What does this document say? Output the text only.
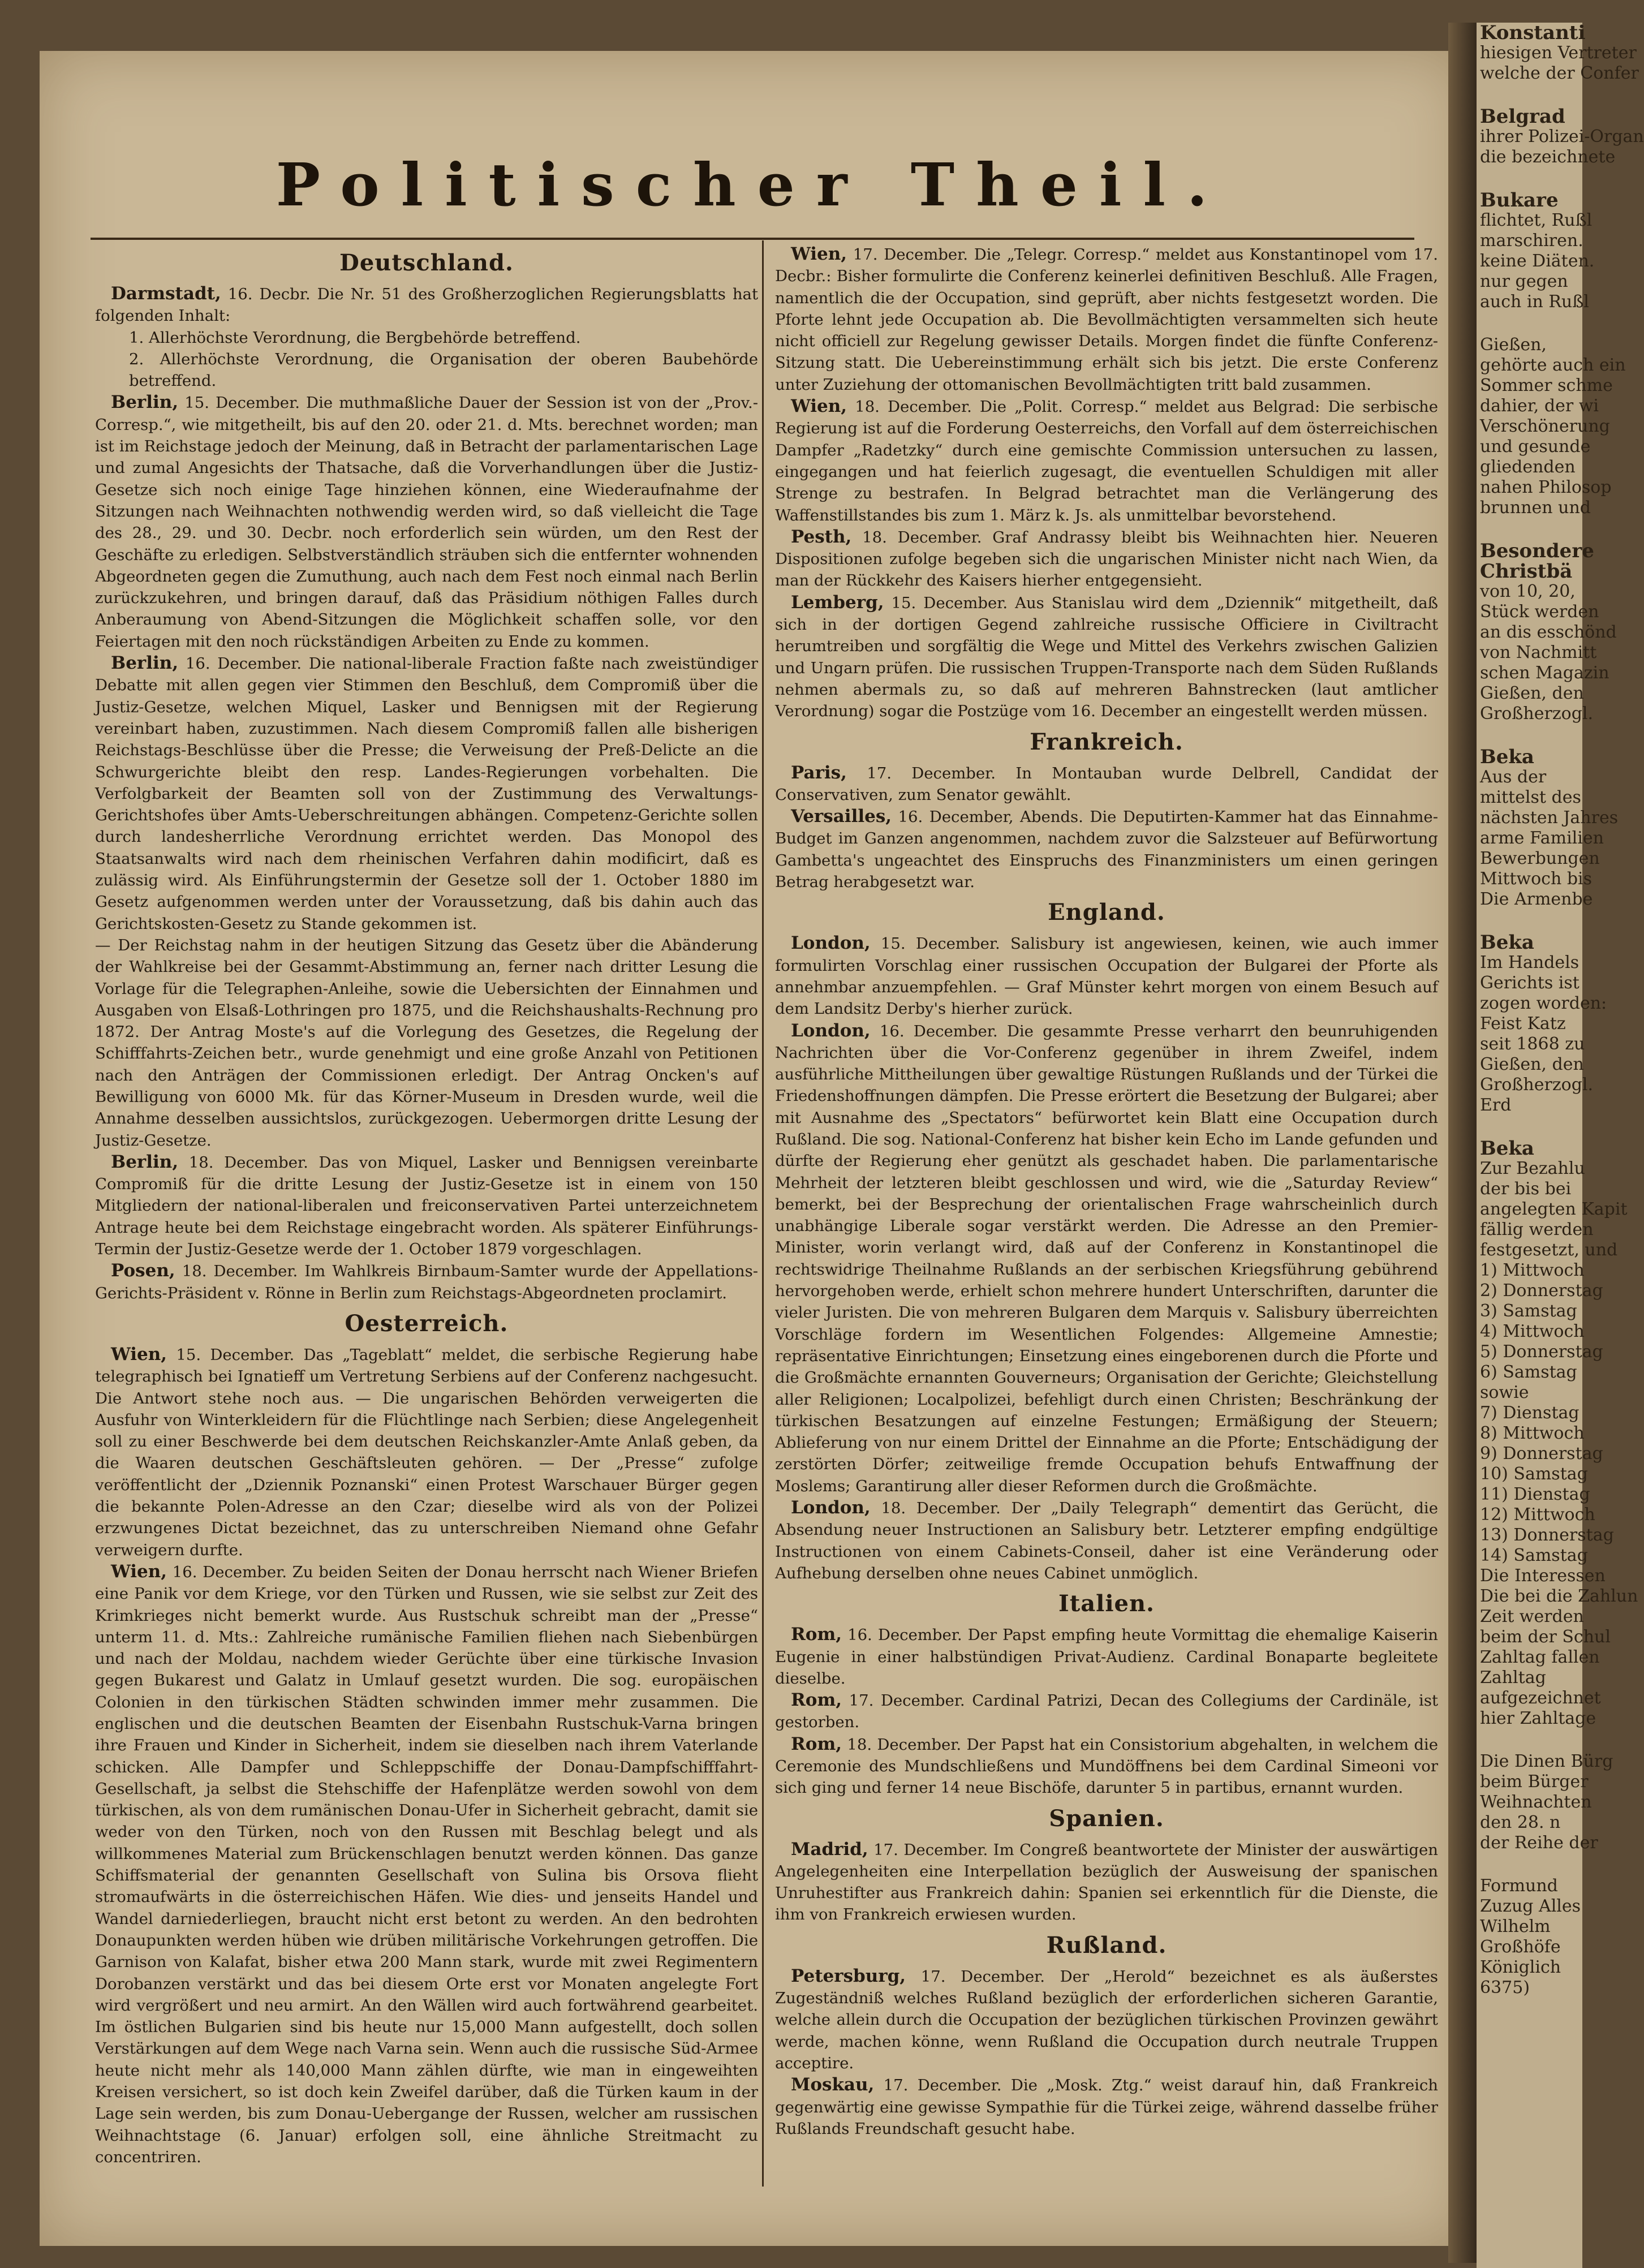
Politischer Theil.
Deutschland.

Darmstadt, 16. Decbr. Die Nr. 51 des Großherzoglichen Regierungsblatts hat folgenden Inhalt:

1. Allerhöchste Verordnung, die Bergbehörde betreffend.

2. Allerhöchste Verordnung, die Organisation der oberen Baubehörde betreffend.

Berlin, 15. December. Die muthmaßliche Dauer der Session ist von der „Prov.-Corresp.“, wie mitgetheilt, bis auf den 20. oder 21. d. Mts. berechnet worden; man ist im Reichstage jedoch der Meinung, daß in Betracht der parlamentarischen Lage und zumal Angesichts der Thatsache, daß die Vorverhandlungen über die Justiz-Gesetze sich noch einige Tage hinziehen können, eine Wiederaufnahme der Sitzungen nach Weihnachten nothwendig werden wird, so daß vielleicht die Tage des 28., 29. und 30. Decbr. noch erforderlich sein würden, um den Rest der Geschäfte zu erledigen. Selbstverständlich sträuben sich die entfernter wohnenden Abgeordneten gegen die Zumuthung, auch nach dem Fest noch einmal nach Berlin zurückzukehren, und bringen darauf, daß das Präsidium nöthigen Falles durch Anberaumung von Abend-Sitzungen die Möglichkeit schaffen solle, vor den Feiertagen mit den noch rückständigen Arbeiten zu Ende zu kommen.

Berlin, 16. December. Die national-liberale Fraction faßte nach zweistündiger Debatte mit allen gegen vier Stimmen den Beschluß, dem Compromiß über die Justiz-Gesetze, welchen Miquel, Lasker und Bennigsen mit der Regierung vereinbart haben, zuzustimmen. Nach diesem Compromiß fallen alle bisherigen Reichstags-Beschlüsse über die Presse; die Verweisung der Preß-Delicte an die Schwurgerichte bleibt den resp. Landes-Regierungen vorbehalten. Die Verfolgbarkeit der Beamten soll von der Zustimmung des Verwaltungs-Gerichtshofes über Amts-Ueberschreitungen abhängen. Competenz-Gerichte sollen durch landesherrliche Verordnung errichtet werden. Das Monopol des Staatsanwalts wird nach dem rheinischen Verfahren dahin modificirt, daß es zulässig wird. Als Einführungstermin der Gesetze soll der 1. October 1880 im Gesetz aufgenommen werden unter der Voraussetzung, daß bis dahin auch das Gerichtskosten-Gesetz zu Stande gekommen ist.

— Der Reichstag nahm in der heutigen Sitzung das Gesetz über die Abänderung der Wahlkreise bei der Gesammt-Abstimmung an, ferner nach dritter Lesung die Vorlage für die Telegraphen-Anleihe, sowie die Uebersichten der Einnahmen und Ausgaben von Elsaß-Lothringen pro 1875, und die Reichshaushalts-Rechnung pro 1872. Der Antrag Moste's auf die Vorlegung des Gesetzes, die Regelung der Schifffahrts-Zeichen betr., wurde genehmigt und eine große Anzahl von Petitionen nach den Anträgen der Commissionen erledigt. Der Antrag Oncken's auf Bewilligung von 6000 Mk. für das Körner-Museum in Dresden wurde, weil die Annahme desselben aussichtslos, zurückgezogen. Uebermorgen dritte Lesung der Justiz-Gesetze.

Berlin, 18. December. Das von Miquel, Lasker und Bennigsen vereinbarte Compromiß für die dritte Lesung der Justiz-Gesetze ist in einem von 150 Mitgliedern der national-liberalen und freiconservativen Partei unterzeichnetem Antrage heute bei dem Reichstage eingebracht worden. Als späterer Einführungs-Termin der Justiz-Gesetze werde der 1. October 1879 vorgeschlagen.

Posen, 18. December. Im Wahlkreis Birnbaum-Samter wurde der Appellations-Gerichts-Präsident v. Rönne in Berlin zum Reichstags-Abgeordneten proclamirt.

Oesterreich.

Wien, 15. December. Das „Tageblatt“ meldet, die serbische Regierung habe telegraphisch bei Ignatieff um Vertretung Serbiens auf der Conferenz nachgesucht. Die Antwort stehe noch aus. — Die ungarischen Behörden verweigerten die Ausfuhr von Winterkleidern für die Flüchtlinge nach Serbien; diese Angelegenheit soll zu einer Beschwerde bei dem deutschen Reichskanzler-Amte Anlaß geben, da die Waaren deutschen Geschäftsleuten gehören. — Der „Presse“ zufolge veröffentlicht der „Dziennik Poznanski“ einen Protest Warschauer Bürger gegen die bekannte Polen-Adresse an den Czar; dieselbe wird als von der Polizei erzwungenes Dictat bezeichnet, das zu unterschreiben Niemand ohne Gefahr verweigern durfte.

Wien, 16. December. Zu beiden Seiten der Donau herrscht nach Wiener Briefen eine Panik vor dem Kriege, vor den Türken und Russen, wie sie selbst zur Zeit des Krimkrieges nicht bemerkt wurde. Aus Rustschuk schreibt man der „Presse“ unterm 11. d. Mts.: Zahlreiche rumänische Familien fliehen nach Siebenbürgen und nach der Moldau, nachdem wieder Gerüchte über eine türkische Invasion gegen Bukarest und Galatz in Umlauf gesetzt wurden. Die sog. europäischen Colonien in den türkischen Städten schwinden immer mehr zusammen. Die englischen und die deutschen Beamten der Eisenbahn Rustschuk-Varna bringen ihre Frauen und Kinder in Sicherheit, indem sie dieselben nach ihrem Vaterlande schicken. Alle Dampfer und Schleppschiffe der Donau-Dampfschifffahrt-Gesellschaft, ja selbst die Stehschiffe der Hafenplätze werden sowohl von dem türkischen, als von dem rumänischen Donau-Ufer in Sicherheit gebracht, damit sie weder von den Türken, noch von den Russen mit Beschlag belegt und als willkommenes Material zum Brückenschlagen benutzt werden können. Das ganze Schiffsmaterial der genannten Gesellschaft von Sulina bis Orsova flieht stromaufwärts in die österreichischen Häfen. Wie dies- und jenseits Handel und Wandel darniederliegen, braucht nicht erst betont zu werden. An den bedrohten Donaupunkten werden hüben wie drüben militärische Vorkehrungen getroffen. Die Garnison von Kalafat, bisher etwa 200 Mann stark, wurde mit zwei Regimentern Dorobanzen verstärkt und das bei diesem Orte erst vor Monaten angelegte Fort wird vergrößert und neu armirt. An den Wällen wird auch fortwährend gearbeitet. Im östlichen Bulgarien sind bis heute nur 15,000 Mann aufgestellt, doch sollen Verstärkungen auf dem Wege nach Varna sein. Wenn auch die russische Süd-Armee heute nicht mehr als 140,000 Mann zählen dürfte, wie man in eingeweihten Kreisen versichert, so ist doch kein Zweifel darüber, daß die Türken kaum in der Lage sein werden, bis zum Donau-Uebergange der Russen, welcher am russischen Weihnachtstage (6. Januar) erfolgen soll, eine ähnliche Streitmacht zu concentriren.

Wien, 17. December. Die „Telegr. Corresp.“ meldet aus Konstantinopel vom 17. Decbr.: Bisher formulirte die Conferenz keinerlei definitiven Beschluß. Alle Fragen, namentlich die der Occupation, sind geprüft, aber nichts festgesetzt worden. Die Pforte lehnt jede Occupation ab. Die Bevollmächtigten versammelten sich heute nicht officiell zur Regelung gewisser Details. Morgen findet die fünfte Conferenz-Sitzung statt. Die Uebereinstimmung erhält sich bis jetzt. Die erste Conferenz unter Zuziehung der ottomanischen Bevollmächtigten tritt bald zusammen.

Wien, 18. December. Die „Polit. Corresp.“ meldet aus Belgrad: Die serbische Regierung ist auf die Forderung Oesterreichs, den Vorfall auf dem österreichischen Dampfer „Radetzky“ durch eine gemischte Commission untersuchen zu lassen, eingegangen und hat feierlich zugesagt, die eventuellen Schuldigen mit aller Strenge zu bestrafen. In Belgrad betrachtet man die Verlängerung des Waffenstillstandes bis zum 1. März k. Js. als unmittelbar bevorstehend.

Pesth, 18. December. Graf Andrassy bleibt bis Weihnachten hier. Neueren Dispositionen zufolge begeben sich die ungarischen Minister nicht nach Wien, da man der Rückkehr des Kaisers hierher entgegensieht.

Lemberg, 15. December. Aus Stanislau wird dem „Dziennik“ mitgetheilt, daß sich in der dortigen Gegend zahlreiche russische Officiere in Civiltracht herumtreiben und sorgfältig die Wege und Mittel des Verkehrs zwischen Galizien und Ungarn prüfen. Die russischen Truppen-Transporte nach dem Süden Rußlands nehmen abermals zu, so daß auf mehreren Bahnstrecken (laut amtlicher Verordnung) sogar die Postzüge vom 16. December an eingestellt werden müssen.

Frankreich.

Paris, 17. December. In Montauban wurde Delbrell, Candidat der Conservativen, zum Senator gewählt.

Versailles, 16. December, Abends. Die Deputirten-Kammer hat das Einnahme-Budget im Ganzen angenommen, nachdem zuvor die Salzsteuer auf Befürwortung Gambetta's ungeachtet des Einspruchs des Finanzministers um einen geringen Betrag herabgesetzt war.

England.

London, 15. December. Salisbury ist angewiesen, keinen, wie auch immer formulirten Vorschlag einer russischen Occupation der Bulgarei der Pforte als annehmbar anzuempfehlen. — Graf Münster kehrt morgen von einem Besuch auf dem Landsitz Derby's hierher zurück.

London, 16. December. Die gesammte Presse verharrt den beunruhigenden Nachrichten über die Vor-Conferenz gegenüber in ihrem Zweifel, indem ausführliche Mittheilungen über gewaltige Rüstungen Rußlands und der Türkei die Friedenshoffnungen dämpfen. Die Presse erörtert die Besetzung der Bulgarei; aber mit Ausnahme des „Spectators“ befürwortet kein Blatt eine Occupation durch Rußland. Die sog. National-Conferenz hat bisher kein Echo im Lande gefunden und dürfte der Regierung eher genützt als geschadet haben. Die parlamentarische Mehrheit der letzteren bleibt geschlossen und wird, wie die „Saturday Review“ bemerkt, bei der Besprechung der orientalischen Frage wahrscheinlich durch unabhängige Liberale sogar verstärkt werden. Die Adresse an den Premier-Minister, worin verlangt wird, daß auf der Conferenz in Konstantinopel die rechtswidrige Theilnahme Rußlands an der serbischen Kriegsführung gebührend hervorgehoben werde, erhielt schon mehrere hundert Unterschriften, darunter die vieler Juristen. Die von mehreren Bulgaren dem Marquis v. Salisbury überreichten Vorschläge fordern im Wesentlichen Folgendes: Allgemeine Amnestie; repräsentative Einrichtungen; Einsetzung eines eingeborenen durch die Pforte und die Großmächte ernannten Gouverneurs; Organisation der Gerichte; Gleichstellung aller Religionen; Localpolizei, befehligt durch einen Christen; Beschränkung der türkischen Besatzungen auf einzelne Festungen; Ermäßigung der Steuern; Ablieferung von nur einem Drittel der Einnahme an die Pforte; Entschädigung der zerstörten Dörfer; zeitweilige fremde Occupation behufs Entwaffnung der Moslems; Garantirung aller dieser Reformen durch die Großmächte.

London, 18. December. Der „Daily Telegraph“ dementirt das Gerücht, die Absendung neuer Instructionen an Salisbury betr. Letzterer empfing endgültige Instructionen von einem Cabinets-Conseil, daher ist eine Veränderung oder Aufhebung derselben ohne neues Cabinet unmöglich.

Italien.

Rom, 16. December. Der Papst empfing heute Vormittag die ehemalige Kaiserin Eugenie in einer halbstündigen Privat-Audienz. Cardinal Bonaparte begleitete dieselbe.

Rom, 17. December. Cardinal Patrizi, Decan des Collegiums der Cardinäle, ist gestorben.

Rom, 18. December. Der Papst hat ein Consistorium abgehalten, in welchem die Ceremonie des Mundschließens und Mundöffnens bei dem Cardinal Simeoni vor sich ging und ferner 14 neue Bischöfe, darunter 5 in partibus, ernannt wurden.

Spanien.

Madrid, 17. December. Im Congreß beantwortete der Minister der auswärtigen Angelegenheiten eine Interpellation bezüglich der Ausweisung der spanischen Unruhestifter aus Frankreich dahin: Spanien sei erkenntlich für die Dienste, die ihm von Frankreich erwiesen wurden.

Rußland.

Petersburg, 17. December. Der „Herold“ bezeichnet es als äußerstes Zugeständniß welches Rußland bezüglich der erforderlichen sicheren Garantie, welche allein durch die Occupation der bezüglichen türkischen Provinzen gewährt werde, machen könne, wenn Rußland die Occupation durch neutrale Truppen acceptire.

Moskau, 17. December. Die „Mosk. Ztg.“ weist darauf hin, daß Frankreich gegenwärtig eine gewisse Sympathie für die Türkei zeige, während dasselbe früher Rußlands Freundschaft gesucht habe.

Konstanti
hiesigen Vertreter
welche der Confer
Belgrad
ihrer Polizei-Organ
die bezeichnete
Bukare
flichtet, Rußl
marschiren.
keine Diäten.
nur gegen
auch in Rußl
Gießen,
gehörte auch ein
Sommer schme
dahier, der wi
Verschönerung
und gesunde
gliedenden
nahen Philosop
brunnen und
Besondere
Christbä
von 10, 20,
Stück werden
an dis esschönd
von Nachmitt
schen Magazin
Gießen, den
Großherzogl.
Beka
Aus der
mittelst des
nächsten Jahres
arme Familien
Bewerbungen
Mittwoch bis
Die Armenbe
Beka
Im Handels
Gerichts ist
zogen worden:
Feist Katz
seit 1868 zu
Gießen, den
Großherzogl.
Erd
Beka
Zur Bezahlu
der bis bei
angelegten Kapit
fällig werden
festgesetzt, und
1) Mittwoch
2) Donnerstag
3) Samstag
4) Mittwoch
5) Donnerstag
6) Samstag
sowie
7) Dienstag
8) Mittwoch
9) Donnerstag
10) Samstag
11) Dienstag
12) Mittwoch
13) Donnerstag
14) Samstag
Die Interessen
Die bei die Zahlun
Zeit werden
beim der Schul
Zahltag fallen
Zahltag
aufgezeichnet
hier Zahltage
Die Dinen Bürg
beim Bürger
Weihnachten
den 28. n
der Reihe der
Formund
Zuzug Alles
Wilhelm
Großhöfe
Königlich
6375)
